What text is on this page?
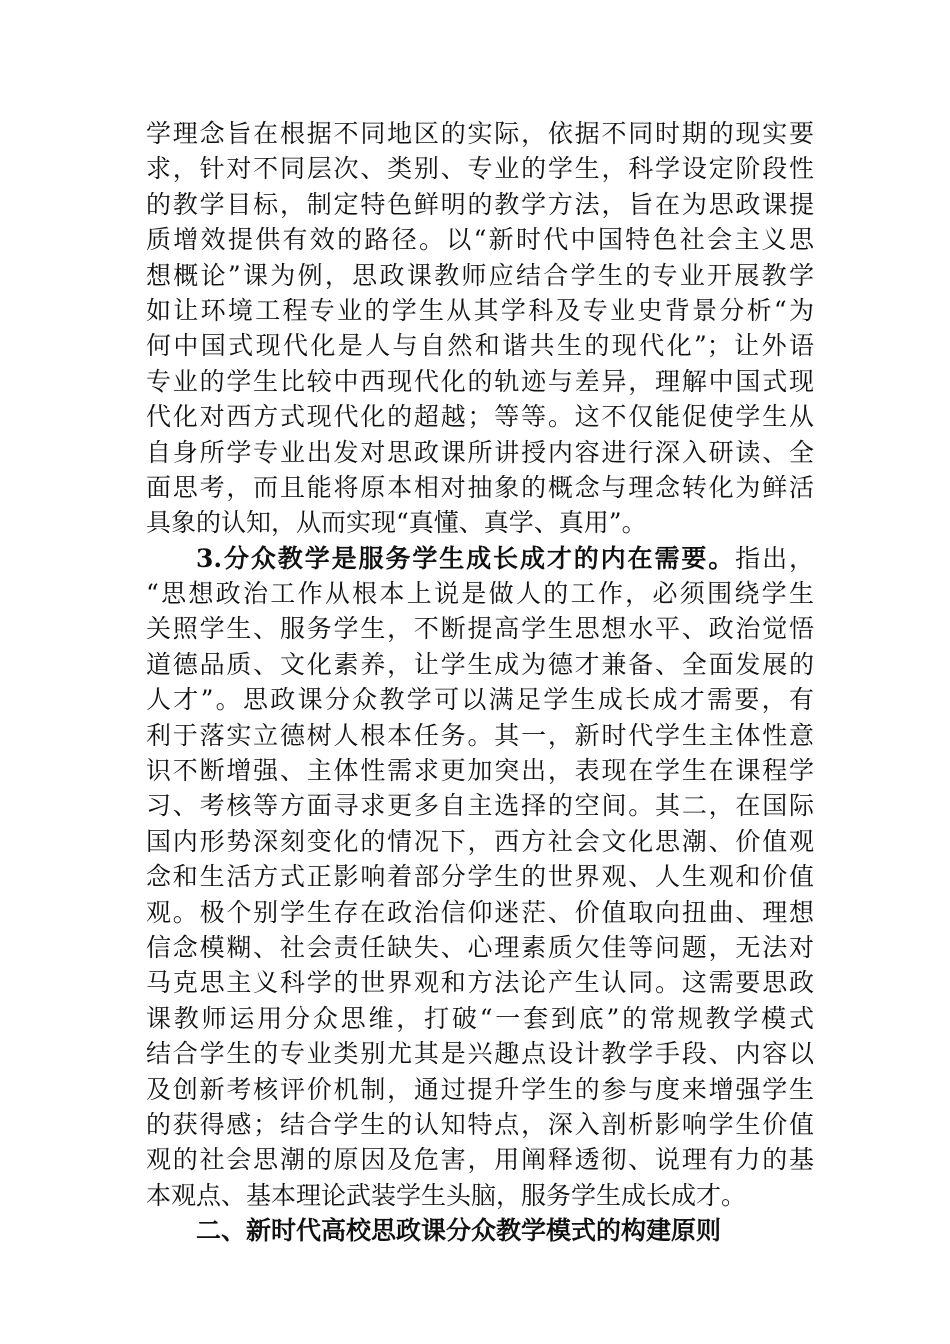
学理念旨在根据不同地区的实际，依据不同时期的现实要
求，针对不同层次、类别、专业的学生，科学设定阶段性
的教学目标，制定特色鲜明的教学方法，旨在为思政课提
质增效提供有效的路径。以“新时代中国特色社会主义思
想概论”课为例，思政课教师应结合学生的专业开展教学
如让环境工程专业的学生从其学科及专业史背景分析“为
何中国式现代化是人与自然和谐共生的现代化”；让外语
专业的学生比较中西现代化的轨迹与差异，理解中国式现
代化对西方式现代化的超越；等等。这不仅能促使学生从
自身所学专业出发对思政课所讲授内容进行深入研读、全
面思考，而且能将原本相对抽象的概念与理念转化为鲜活
具象的认知，从而实现“真懂、真学、真用”。
3.分众教学是服务学生成长成才的内在需要。指出，
“思想政治工作从根本上说是做人的工作，必须围绕学生
关照学生、服务学生，不断提高学生思想水平、政治觉悟
道德品质、文化素养，让学生成为德才兼备、全面发展的
人才”。思政课分众教学可以满足学生成长成才需要，有
利于落实立德树人根本任务。其一，新时代学生主体性意
识不断增强、主体性需求更加突出，表现在学生在课程学
习、考核等方面寻求更多自主选择的空间。其二，在国际
国内形势深刻变化的情况下，西方社会文化思潮、价值观
念和生活方式正影响着部分学生的世界观、人生观和价值
观。极个别学生存在政治信仰迷茫、价值取向扭曲、理想
信念模糊、社会责任缺失、心理素质欠佳等问题，无法对
马克思主义科学的世界观和方法论产生认同。这需要思政
课教师运用分众思维，打破“一套到底”的常规教学模式
结合学生的专业类别尤其是兴趣点设计教学手段、内容以
及创新考核评价机制，通过提升学生的参与度来增强学生
的获得感；结合学生的认知特点，深入剖析影响学生价值
观的社会思潮的原因及危害，用阐释透彻、说理有力的基
本观点、基本理论武装学生头脑，服务学生成长成才。
二、新时代高校思政课分众教学模式的构建原则
